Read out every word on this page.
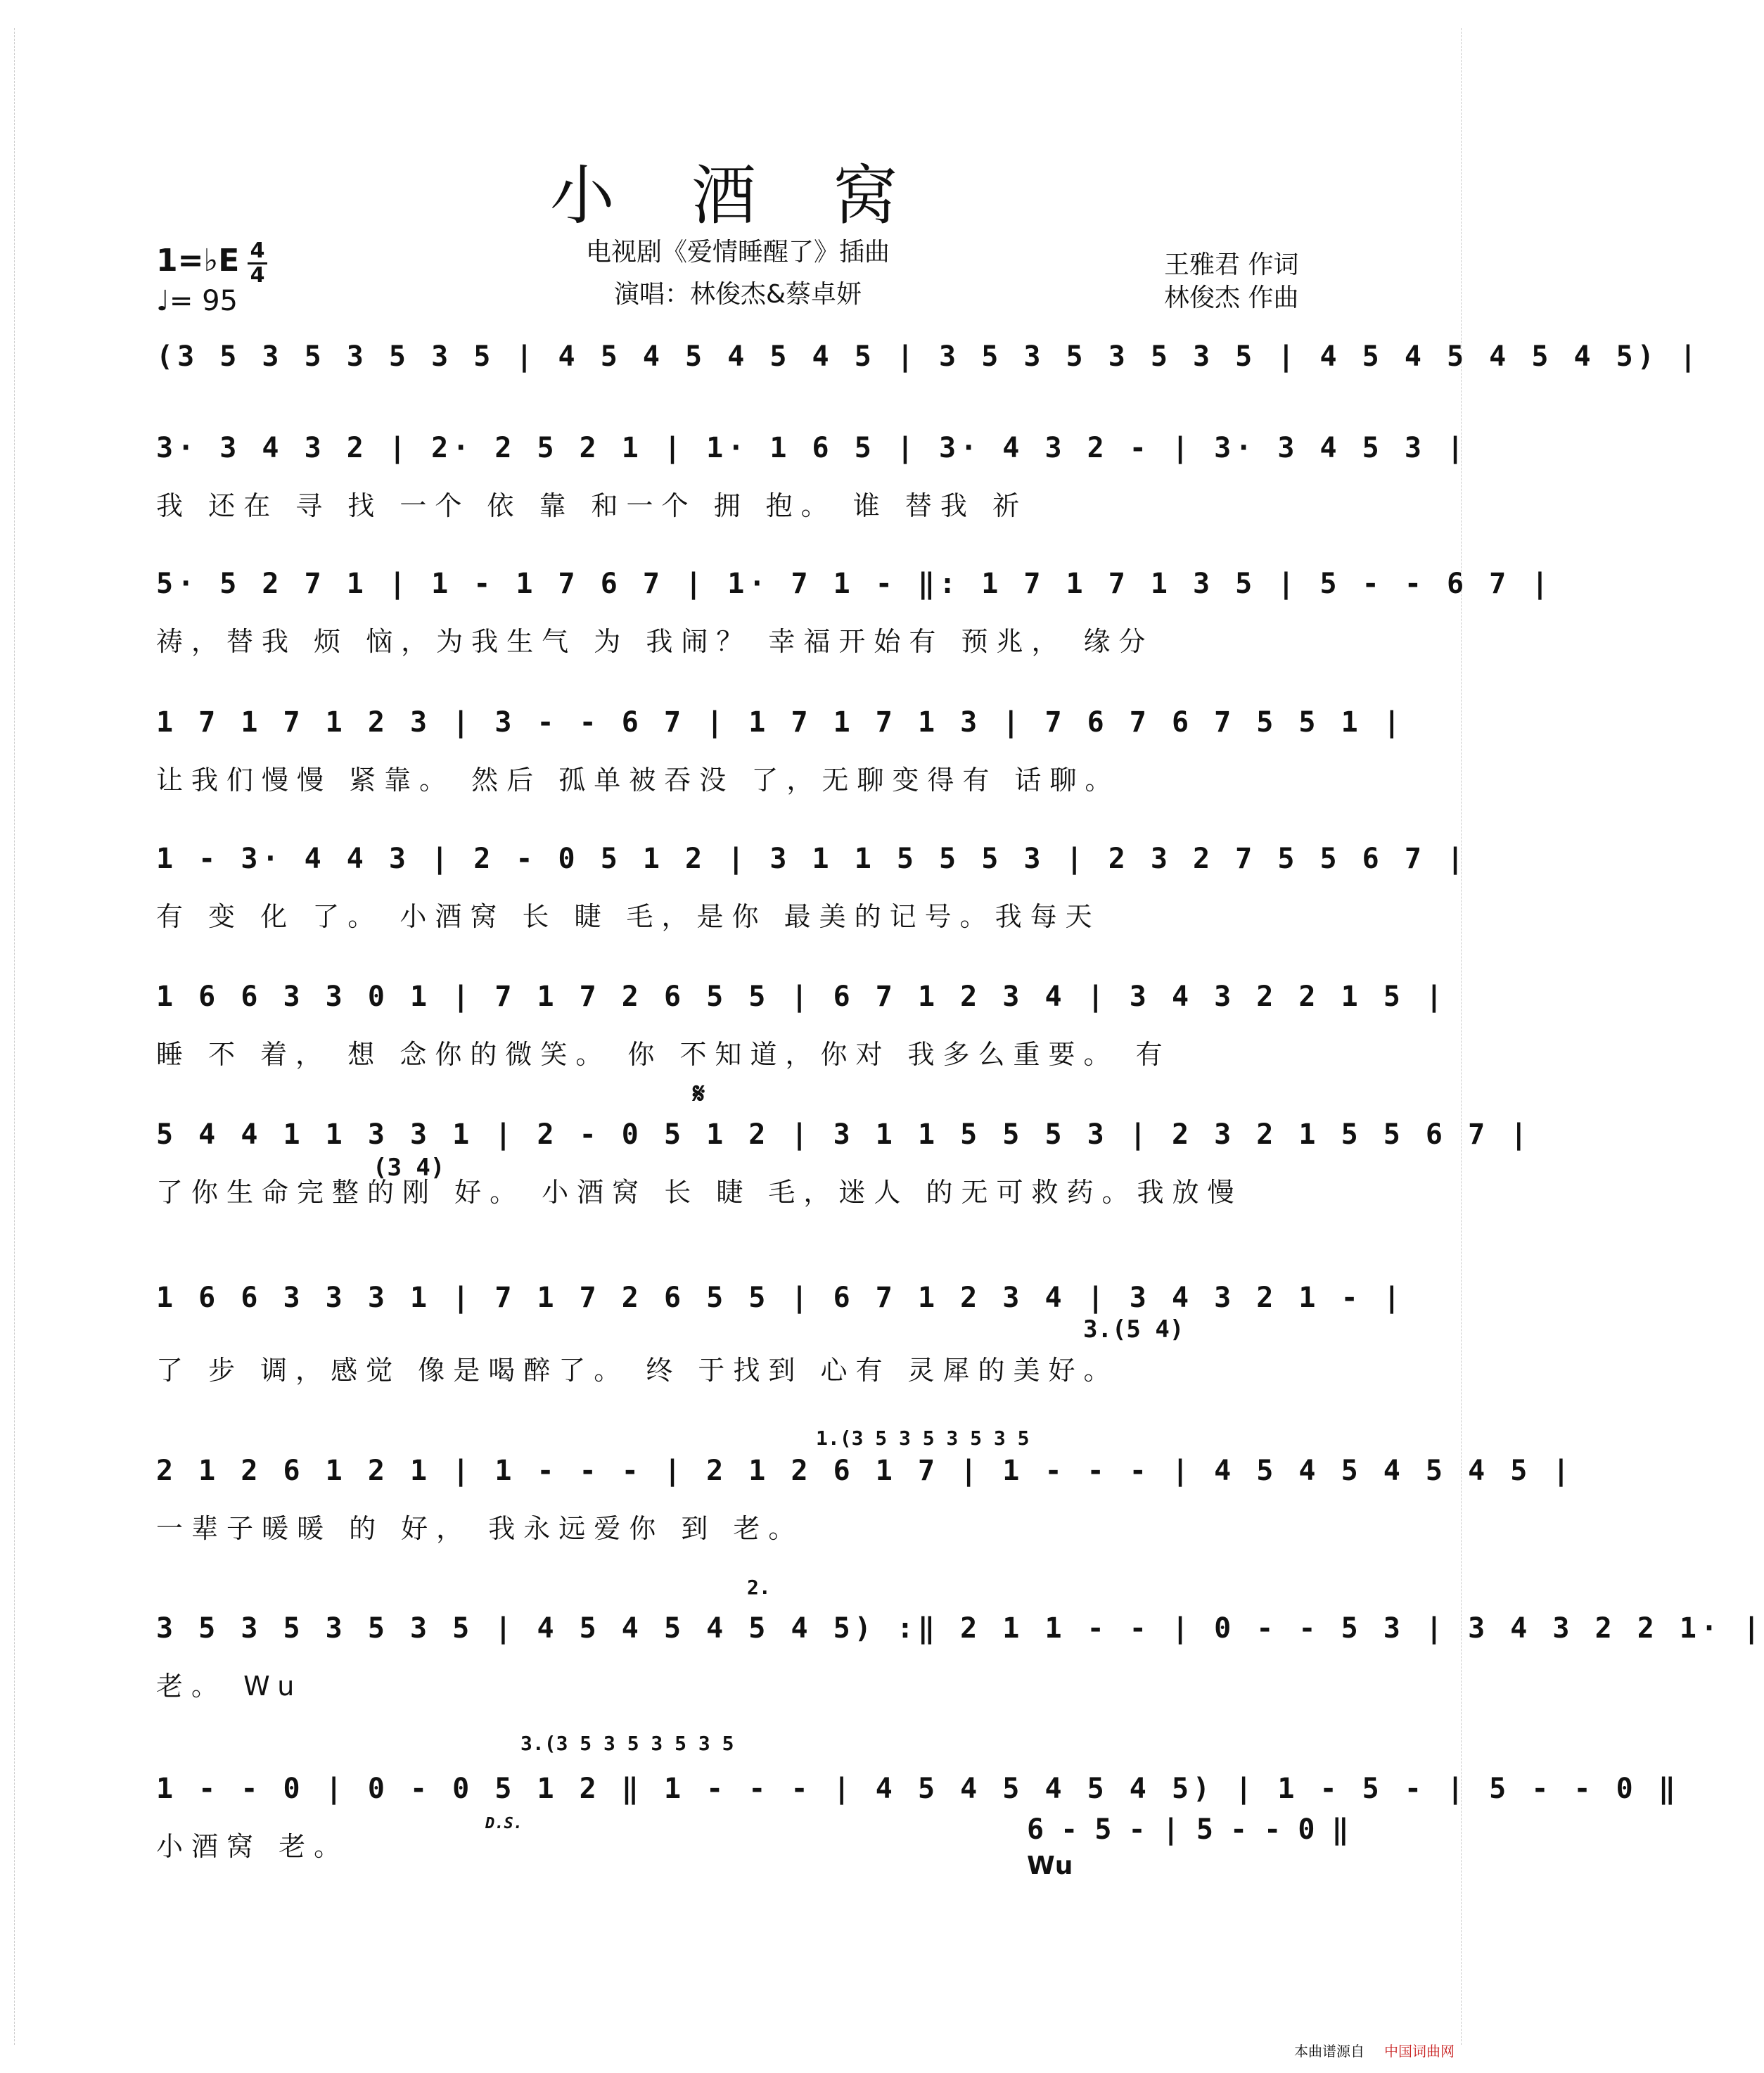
小 酒 窝
电视剧《爱情睡醒了》插曲
演唱：林俊杰&蔡卓妍
1=♭E 4
4
♩= 95
王雅君 作词
林俊杰 作曲
(3 5 3 5 3 5 3 5 | 4 5 4 5 4 5 4 5 | 3 5 3 5 3 5 3 5 | 4 5 4 5 4 5 4 5) |
3· 3 4 3 2 | 2· 2 5 2 1 | 1· 1 6 5 | 3· 4 3 2 - | 3· 3 4 5 3 |
我 还在 寻 找 一个 依 靠 和一个 拥 抱。 谁 替我 祈
5· 5 2 7 1 | 1 - 1 7 6 7 | 1· 7 1 - ‖: 1 7 1 7 1 3 5 | 5 - - 6 7 |
祷，替我 烦 恼，为我生气 为 我闹？ 幸福开始有 预兆， 缘分
1 7 1 7 1 2 3 | 3 - - 6 7 | 1 7 1 7 1 3 | 7 6 7 6 7 5 5 1 |
让我们慢慢 紧靠。 然后 孤单被吞没 了，无聊变得有 话聊。
1 - 3· 4 4 3 | 2 - 0 5 1 2 | 3 1 1 5 5 5 3 | 2 3 2 7 5 5 6 7 |
有 变 化 了。 小酒窝 长 睫 毛，是你 最美的记号。我每天
1 6 6 3 3 0 1 | 7 1 7 2 6 5 5 | 6 7 1 2 3 4 | 3 4 3 2 2 1 5 |
睡 不 着， 想 念你的微笑。 你 不知道，你对 我多么重要。 有
5 4 4 1 1 3 3 1 | 2 - 0 5 1 2 | 3 1 1 5 5 5 3 | 2 3 2 1 5 5 6 7 |
了你生命完整的刚 好。 小酒窝 长 睫 毛，迷人 的无可救药。我放慢
1 6 6 3 3 3 1 | 7 1 7 2 6 5 5 | 6 7 1 2 3 4 | 3 4 3 2 1 - |
了 步 调，感觉 像是喝醉了。 终 于找到 心有 灵犀的美好。
2 1 2 6 1 2 1 | 1 - - - | 2 1 2 6 1 7 | 1 - - - | 4 5 4 5 4 5 4 5 |
一辈子暖暖 的 好， 我永远爱你 到 老。
3 5 3 5 3 5 3 5 | 4 5 4 5 4 5 4 5) :‖ 2 1 1 - - | 0 - - 5 3 | 3 4 3 2 2 1· |
老。 Wu
1 - - 0 | 0 - 0 5 1 2 ‖ 1 - - - | 4 5 4 5 4 5 4 5) | 1 - 5 - | 5 - - 0 ‖
小酒窝 老。
(3 4)
3.(5 4)
1.(3 5 3 5 3 5 3 5
2.
3.(3 5 3 5 3 5 3 5
𝄋
D.S.	6 - 5 - | 5 - - 0 ‖
Wu
本曲谱源自 中国词曲网
